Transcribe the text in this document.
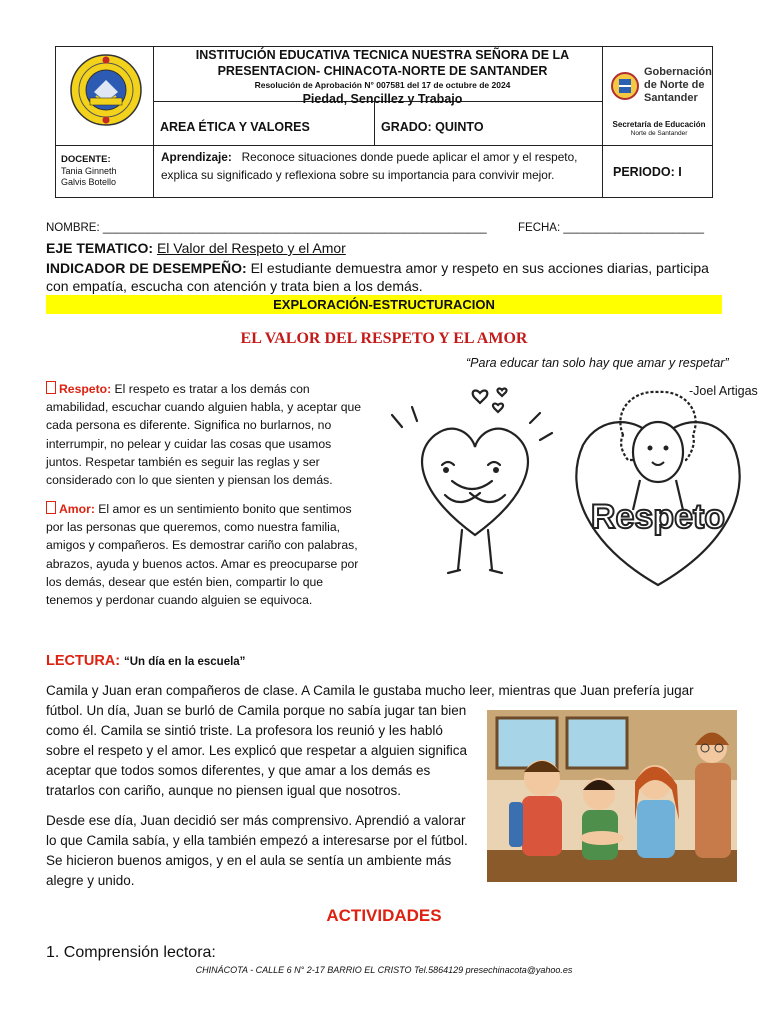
INSTITUCIÓN EDUCATIVA TECNICA NUESTRA SEÑORA DE LA
PRESENTACION- CHINACOTA-NORTE DE SANTANDER
Resolución de Aprobación N° 007581 del 17 de octubre de 2024
Piedad, Sencillez y Trabajo
AREA ÉTICA Y VALORES	GRADO: QUINTO
Gobernación
de Norte de
Santander
Secretaría de Educación
Norte de Santander
DOCENTE:
Tania Ginneth
Galvis Botello
Aprendizaje: Reconoce situaciones donde puede aplicar el amor y el respeto, explica su significado y reflexiona sobre su importancia para convivir mejor.	PERIODO: I
NOMBRE: ____________________________________________________________	FECHA: ______________________
EJE TEMATICO: El Valor del Respeto y el Amor
INDICADOR DE DESEMPEÑO: El estudiante demuestra amor y respeto en sus acciones diarias, participa con empatía, escucha con atención y trata bien a los demás.
EXPLORACIÓN-ESTRUCTURACION
EL VALOR DEL RESPETO Y EL AMOR
“Para educar tan solo hay que amar y respetar”
-Joel Artigas
Respeto: El respeto es tratar a los demás con amabilidad, escuchar cuando alguien habla, y aceptar que cada persona es diferente. Significa no burlarnos, no interrumpir, no pelear y cuidar las cosas que usamos juntos. Respetar también es seguir las reglas y ser considerado con lo que sienten y piensan los demás.
Amor: El amor es un sentimiento bonito que sentimos por las personas que queremos, como nuestra familia, amigos y compañeros. Es demostrar cariño con palabras, abrazos, ayuda y buenos actos. Amar es preocuparse por los demás, desear que estén bien, compartir lo que tenemos y perdonar cuando alguien se equivoca.
Respeto
LECTURA: “Un día en la escuela”
Camila y Juan eran compañeros de clase. A Camila le gustaba mucho leer, mientras que Juan prefería jugar
fútbol. Un día, Juan se burló de Camila porque no sabía jugar tan bien como él. Camila se sintió triste. La profesora los reunió y les habló sobre el respeto y el amor. Les explicó que respetar a alguien significa aceptar que todos somos diferentes, y que amar a los demás es tratarlos con cariño, aunque no piensen igual que nosotros.
Desde ese día, Juan decidió ser más comprensivo. Aprendió a valorar lo que Camila sabía, y ella también empezó a interesarse por el fútbol. Se hicieron buenos amigos, y en el aula se sentía un ambiente más alegre y unido.
ACTIVIDADES
1. Comprensión lectora:
CHINÁCOTA - CALLE 6 N° 2-17 BARRIO EL CRISTO Tel.5864129 presechinacota@yahoo.es
